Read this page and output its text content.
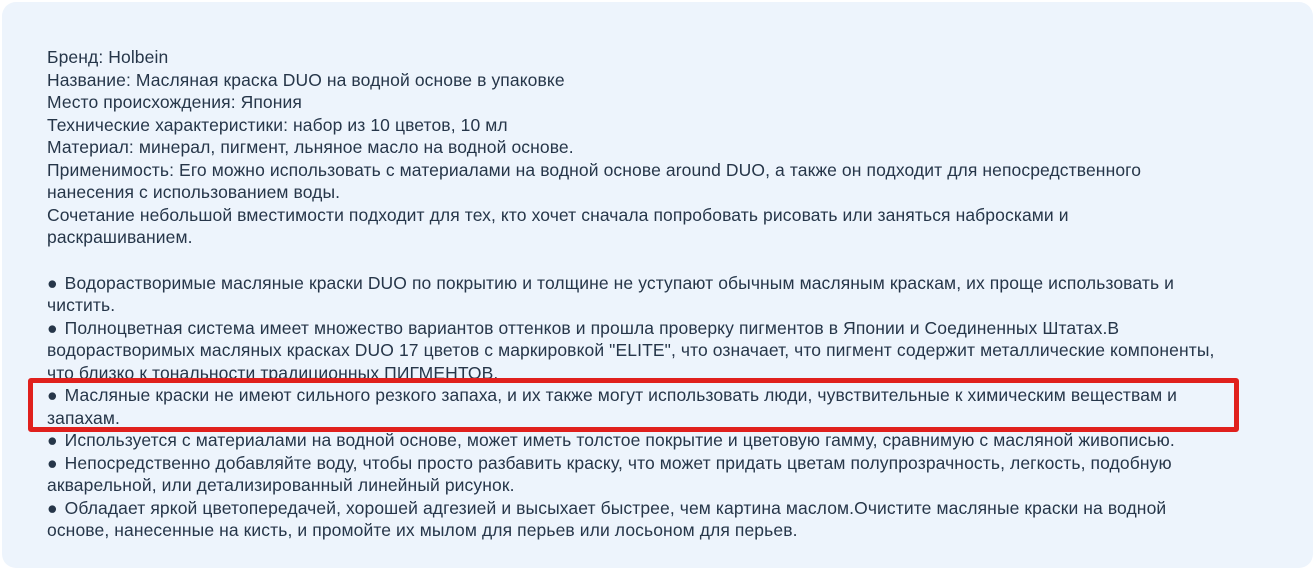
Бренд: Holbein

Название: Масляная краска DUO на водной основе в упаковке

Место происхождения: Япония

Технические характеристики: набор из 10 цветов, 10 мл

Материал: минерал, пигмент, льняное масло на водной основе.

Применимость: Его можно использовать с материалами на водной основе around DUO, а также он подходит для непосредственного нанесения с использованием воды.

Сочетание небольшой вместимости подходит для тех, кто хочет сначала попробовать рисовать или заняться набросками и раскрашиванием.

● Водорастворимые масляные краски DUO по покрытию и толщине не уступают обычным масляным краскам, их проще использовать и чистить.

● Полноцветная система имеет множество вариантов оттенков и прошла проверку пигментов в Японии и Соединенных Штатах.В водорастворимых масляных красках DUO 17 цветов с маркировкой "ELITE", что означает, что пигмент содержит металлические компоненты, что близко к тональности традиционных ПИГМЕНТОВ.

● Масляные краски не имеют сильного резкого запаха, и их также могут использовать люди, чувствительные к химическим веществам и запахам.

● Используется с материалами на водной основе, может иметь толстое покрытие и цветовую гамму, сравнимую с масляной живописью.

● Непосредственно добавляйте воду, чтобы просто разбавить краску, что может придать цветам полупрозрачность, легкость, подобную акварельной, или детализированный линейный рисунок.

● Обладает яркой цветопередачей, хорошей адгезией и высыхает быстрее, чем картина маслом.Очистите масляные краски на водной основе, нанесенные на кисть, и промойте их мылом для перьев или лосьоном для перьев.
